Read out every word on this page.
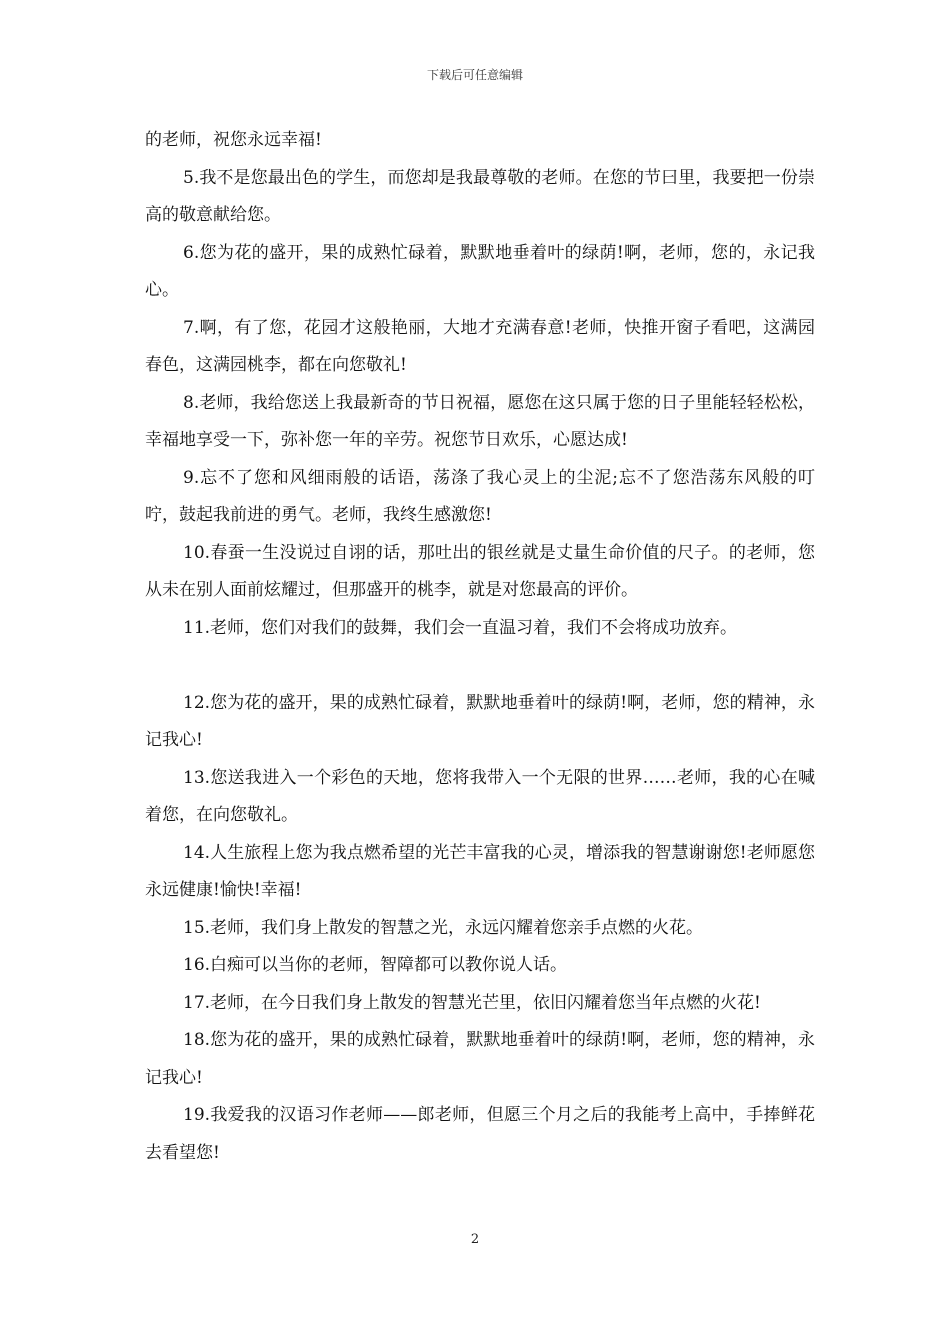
下载后可任意编辑

的老师，祝您永远幸福!

5.我不是您最出色的学生，而您却是我最尊敬的老师。在您的节曰里，我要把一份崇高的敬意献给您。

6.您为花的盛开，果的成熟忙碌着，默默地垂着叶的绿荫!啊，老师，您的，永记我心。

7.啊，有了您，花园才这般艳丽，大地才充满春意!老师，快推开窗子看吧，这满园春色，这满园桃李，都在向您敬礼!

8.老师，我给您送上我最新奇的节日祝福，愿您在这只属于您的日子里能轻轻松松，幸福地享受一下，弥补您一年的辛劳。祝您节日欢乐，心愿达成!

9.忘不了您和风细雨般的话语，荡涤了我心灵上的尘泥;忘不了您浩荡东风般的叮咛，鼓起我前进的勇气。老师，我终生感激您!

10.春蚕一生没说过自诩的话，那吐出的银丝就是丈量生命价值的尺子。的老师，您从未在别人面前炫耀过，但那盛开的桃李，就是对您最高的评价。

11.老师，您们对我们的鼓舞，我们会一直温习着，我们不会将成功放弃。

12.您为花的盛开，果的成熟忙碌着，默默地垂着叶的绿荫!啊，老师，您的精神，永记我心!

13.您送我进入一个彩色的天地，您将我带入一个无限的世界……老师，我的心在喊着您，在向您敬礼。

14.人生旅程上您为我点燃希望的光芒丰富我的心灵，增添我的智慧谢谢您!老师愿您永远健康!愉快!幸福!

15.老师，我们身上散发的智慧之光，永远闪耀着您亲手点燃的火花。

16.白痴可以当你的老师，智障都可以教你说人话。

17.老师，在今日我们身上散发的智慧光芒里，依旧闪耀着您当年点燃的火花!

18.您为花的盛开，果的成熟忙碌着，默默地垂着叶的绿荫!啊，老师，您的精神，永记我心!

19.我爱我的汉语习作老师——郎老师，但愿三个月之后的我能考上高中，手捧鲜花去看望您!

2
